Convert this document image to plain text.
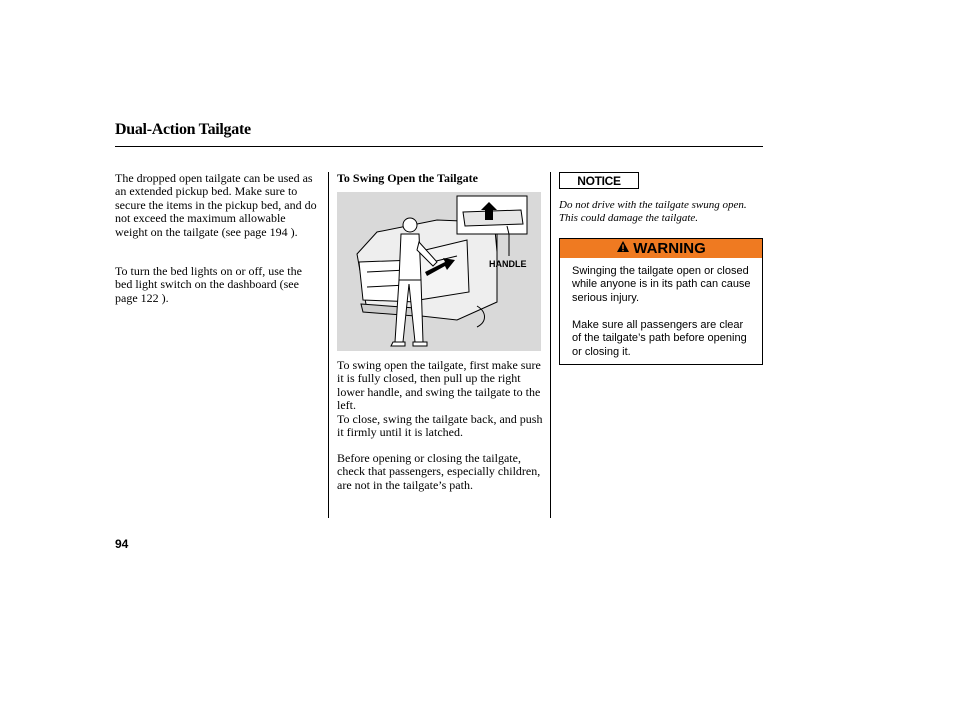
Dual-Action Tailgate
The dropped open tailgate can be used as an extended pickup bed. Make sure to secure the items in the pickup bed, and do not exceed the maximum allowable weight on the tailgate (see page 194 ).
To turn the bed lights on or off, use the bed light switch on the dashboard (see page 122 ).
To Swing Open the Tailgate
HANDLE
To swing open the tailgate, first make sure it is fully closed, then pull up the right lower handle, and swing the tailgate to the left.
To close, swing the tailgate back, and push it firmly until it is latched.
Before opening or closing the tailgate, check that passengers, especially children, are not in the tailgate’s path.
NOTICE
Do not drive with the tailgate swung open. This could damage the tailgate.
WARNING
Swinging the tailgate open or closed while anyone is in its path can cause serious injury.
Make sure all passengers are clear of the tailgate’s path before opening or closing it.
94
